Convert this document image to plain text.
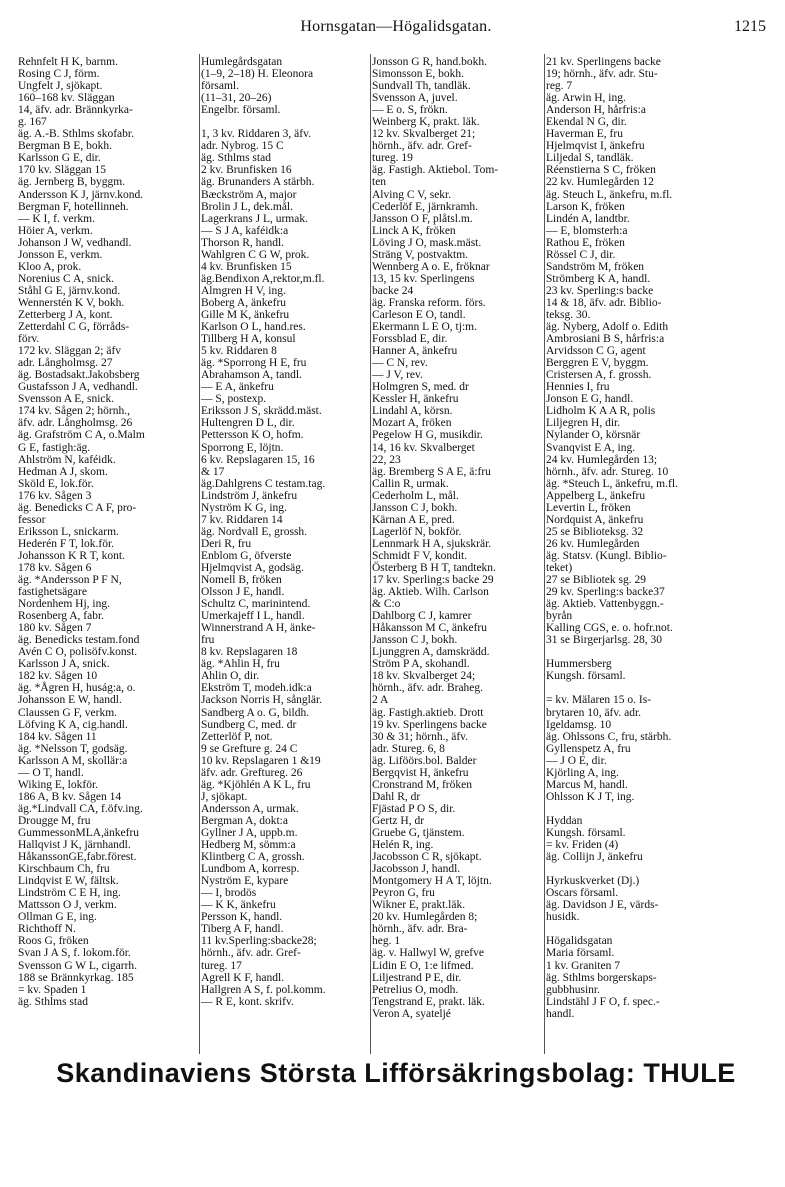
Hornsgatan—Högalidsgatan.	1215
Rehnfelt H K, barnm.
Rosing C J, förm.
Ungfelt J, sjökapt.
160–168 kv. Släggan
14, äfv. adr. Brännkyrka-
g. 167
äg. A.-B. Sthlms skofabr.
Bergman B E, bokh.
Karlsson G E, dir.
170 kv. Släggan 15
äg. Jernberg B, byggm.
Andersson K J, järnv.kond.
Bergman F, hotellinneh.
— K I, f. verkm.
Höier A, verkm.
Johanson J W, vedhandl.
Jonsson E, verkm.
Kloo A, prok.
Norenius C A, snick.
Ståhl G E, järnv.kond.
Wennerstén K V, bokh.
Zetterberg J A, kont.
Zetterdahl C G, förråds-
förv.
172 kv. Släggan 2; äfv
adr. Långholmsg. 27
äg. Bostadsakt.Jakobsberg
Gustafsson J A, vedhandl.
Svensson A E, snick.
174 kv. Sågen 2; hörnh.,
äfv. adr. Långholmsg. 26
äg. Grafström C A, o.Malm
G E, fastigh:äg.
Ahlström N, kaféidk.
Hedman A J, skom.
Sköld E, lok.för.
176 kv. Sågen 3
äg. Benedicks C A F, pro-
fessor
Eriksson L, snickarm.
Hederén F T, lok.för.
Johansson K R T, kont.
178 kv. Sågen 6
äg. *Andersson P F N,
fastighetsägare
Nordenhem Hj, ing.
Rosenberg A, fabr.
180 kv. Sågen 7
äg. Benedicks testam.fond
Avén C O, polisöfv.konst.
Karlsson J A, snick.
182 kv. Sågen 10
äg. *Ågren H, huság:a, o.
Johansson E W, handl.
Claussen G F, verkm.
Löfving K A, cig.handl.
184 kv. Sågen 11
äg. *Nelsson T, godsäg.
Karlsson A M, skollär:a
— O T, handl.
Wiking E, lokför.
186 A, B kv. Sågen 14
äg.*Lindvall CA, f.öfv.ing.
Drougge M, fru
GummessonMLA,änkefru
Hallqvist J K, järnhandl.
HåkanssonGE,fabr.förest.
Kirschbaum Ch, fru
Lindqvist E W, fältsk.
Lindström C E H, ing.
Mattsson O J, verkm.
Ollman G E, ing.
Richthoff N.
Roos G, fröken
Svan J A S, f. lokom.för.
Svensson G W L, cigarrh.
188 se Brännkyrkag. 185
= kv. Spaden 1
äg. Sthlms stad
Humlegårdsgatan
(1–9, 2–18) H. Eleonora
församl.
(11–31, 20–26)
Engelbr. församl.
1, 3 kv. Riddaren 3, äfv.
adr. Nybrog. 15 C
äg. Sthlms stad
2 kv. Brunfisken 16
äg. Brunanders A stärbh.
Bæckström A, major
Brolin J L, dek.mål.
Lagerkrans J L, urmak.
— S J A, kaféidk:a
Thorson R, handl.
Wahlgren C G W, prok.
4 kv. Brunfisken 15
äg.Bendixon A,rektor,m.fl.
Almgren H V, ing.
Boberg A, änkefru
Gille M K, änkefru
Karlson O L, hand.res.
Tillberg H A, konsul
5 kv. Riddaren 8
äg. *Sporrong H E, fru
Abrahamson A, tandl.
— E A, änkefru
— S, postexp.
Eriksson J S, skrädd.mäst.
Hultengren D L, dir.
Pettersson K O, hofm.
Sporrong E, löjtn.
6 kv. Repslagaren 15, 16
& 17
äg.Dahlgrens C testam.tag.
Lindström J, änkefru
Nyström K G, ing.
7 kv. Riddaren 14
äg. Nordvall E, grossh.
Deri R, fru
Enblom G, öfverste
Hjelmqvist A, godsäg.
Nomell B, fröken
Olsson J E, handl.
Schultz C, marinintend.
Umerkajeff I L, handl.
Winnerstrand A H, änke-
fru
8 kv. Repslagaren 18
äg. *Ahlin H, fru
Ahlin O, dir.
Ekström T, modeh.idk:a
Jackson Norris H, sånglär.
Sandberg A o. G, bildh.
Sundberg C, med. dr
Zetterlöf P, not.
9 se Grefture g. 24 C
10 kv. Repslagaren 1 &19
äfv. adr. Greftureg. 26
äg. *Kjöhlén A K L, fru
J, sjökapt.
Andersson A, urmak.
Bergman A, dokt:a
Gyllner J A, uppb.m.
Hedberg M, sömm:a
Klintberg C A, grossh.
Lundbom A, korresp.
Nyström E, kypare
— I, brodös
— K K, änkefru
Persson K, handl.
Tiberg A F, handl.
11 kv.Sperling:sbacke28;
hörnh., äfv. adr. Gref-
tureg. 17
Agrell K F, handl.
Hallgren A S, f. pol.komm.
— R E, kont. skrifv.
Jonsson G R, hand.bokh.
Simonsson E, bokh.
Sundvall Th, tandläk.
Svensson A, juvel.
— E o. S, frökn.
Weinberg K, prakt. läk.
12 kv. Skvalberget 21;
hörnh., äfv. adr. Gref-
tureg. 19
äg. Fastigh. Aktiebol. Tom-
ten
Alving C V, sekr.
Cederlöf E, järnkramh.
Jansson O F, plåtsl.m.
Linck A K, fröken
Löving J O, mask.mäst.
Sträng V, postvaktm.
Wennberg A o. E, fröknar
13, 15 kv. Sperlingens
backe 24
äg. Franska reform. förs.
Carleson E O, tandl.
Ekermann L E O, tj:m.
Forssblad E, dir.
Hanner A, änkefru
— C N, rev.
— J V, rev.
Holmgren S, med. dr
Kessler H, änkefru
Lindahl A, körsn.
Mozart A, fröken
Pegelow H G, musikdir.
14, 16 kv. Skvalberget
22, 23
äg. Bremberg S A E, ä:fru
Callin R, urmak.
Cederholm L, mål.
Jansson C J, bokh.
Kärnan A E, pred.
Lagerlöf N, bokför.
Lennmark H A, sjukskrär.
Schmidt F V, kondit.
Österberg B H T, tandtekn.
17 kv. Sperling:s backe 29
äg. Aktieb. Wilh. Carlson
& C:o
Dahlborg C J, kamrer
Håkansson M C, änkefru
Jansson C J, bokh.
Ljunggren A, damskrädd.
Ström P A, skohandl.
18 kv. Skvalberget 24;
hörnh., äfv. adr. Braheg.
2 A
äg. Fastigh.aktieb. Drott
19 kv. Sperlingens backe
30 & 31; hörnh., äfv.
adr. Stureg. 6, 8
äg. Liföörs.bol. Balder
Bergqvist H, änkefru
Cronstrand M, fröken
Dahl R, dr
Fjästad P O S, dir.
Gertz H, dr
Gruebe G, tjänstem.
Helén R, ing.
Jacobsson C R, sjökapt.
Jacobsson J, handl.
Montgomery H A T, löjtn.
Peyron G, fru
Wikner E, prakt.läk.
20 kv. Humlegården 8;
hörnh., äfv. adr. Bra-
heg. 1
äg. v. Hallwyl W, grefve
Lidin E O, 1:e lifmed.
Liljestrand P E, dir.
Petrelius O, modh.
Tengstrand E, prakt. läk.
Veron A, syateljé
21 kv. Sperlingens backe
19; hörnh., äfv. adr. Stu-
reg. 7
äg. Arwin H, ing.
Anderson H, hårfris:a
Ekendal N G, dir.
Haverman E, fru
Hjelmqvist I, änkefru
Liljedal S, tandläk.
Réenstierna S C, fröken
22 kv. Humlegården 12
äg. Steuch L, änkefru, m.fl.
Larson K, fröken
Lindén A, landtbr.
— E, blomsterh:a
Rathou E, fröken
Rössel C J, dir.
Sandström M, fröken
Strömberg K A, handl.
23 kv. Sperling:s backe
14 & 18, äfv. adr. Biblio-
teksg. 30.
äg. Nyberg, Adolf o. Edith
Ambrosiani B S, hårfris:a
Arvidsson C G, agent
Berggren E V, byggm.
Cristersen A, f. grossh.
Hennies I, fru
Jonson E G, handl.
Lidholm K A A R, polis
Liljegren H, dir.
Nylander O, körsnär
Svanqvist E A, ing.
24 kv. Humlegården 13;
hörnh., äfv. adr. Stureg. 10
äg. *Steuch L, änkefru, m.fl.
Appelberg L, änkefru
Levertin L, fröken
Nordquist A, änkefru
25 se Biblioteksg. 32
26 kv. Humlegården
äg. Statsv. (Kungl. Biblio-
teket)
27 se Bibliotek sg. 29
29 kv. Sperling:s backe37
äg. Aktieb. Vattenbyggn.-
byrån
Kalling CGS, e. o. hofr.not.
31 se Birgerjarlsg. 28, 30
Hummersberg
Kungsh. församl.
= kv. Mälaren 15 o. Is-
brytaren 10, äfv. adr.
Igeldamsg. 10
äg. Ohlssons C, fru, stärbh.
Gyllenspetz A, fru
— J O E, dir.
Kjörling A, ing.
Marcus M, handl.
Ohlsson K J T, ing.
Hyddan
Kungsh. församl.
= kv. Friden (4)
äg. Collijn J, änkefru
Hyrkuskverket (Dj.)
Oscars församl.
äg. Davidson J E, värds-
husidk.
Högalidsgatan
Maria församl.
1 kv. Graniten 7
äg. Sthlms borgerskaps-
gubbhusinr.
Lindstähl J F O, f. spec.-
handl.
Skandinaviens Största Lifförsäkringsbolag: THULE
